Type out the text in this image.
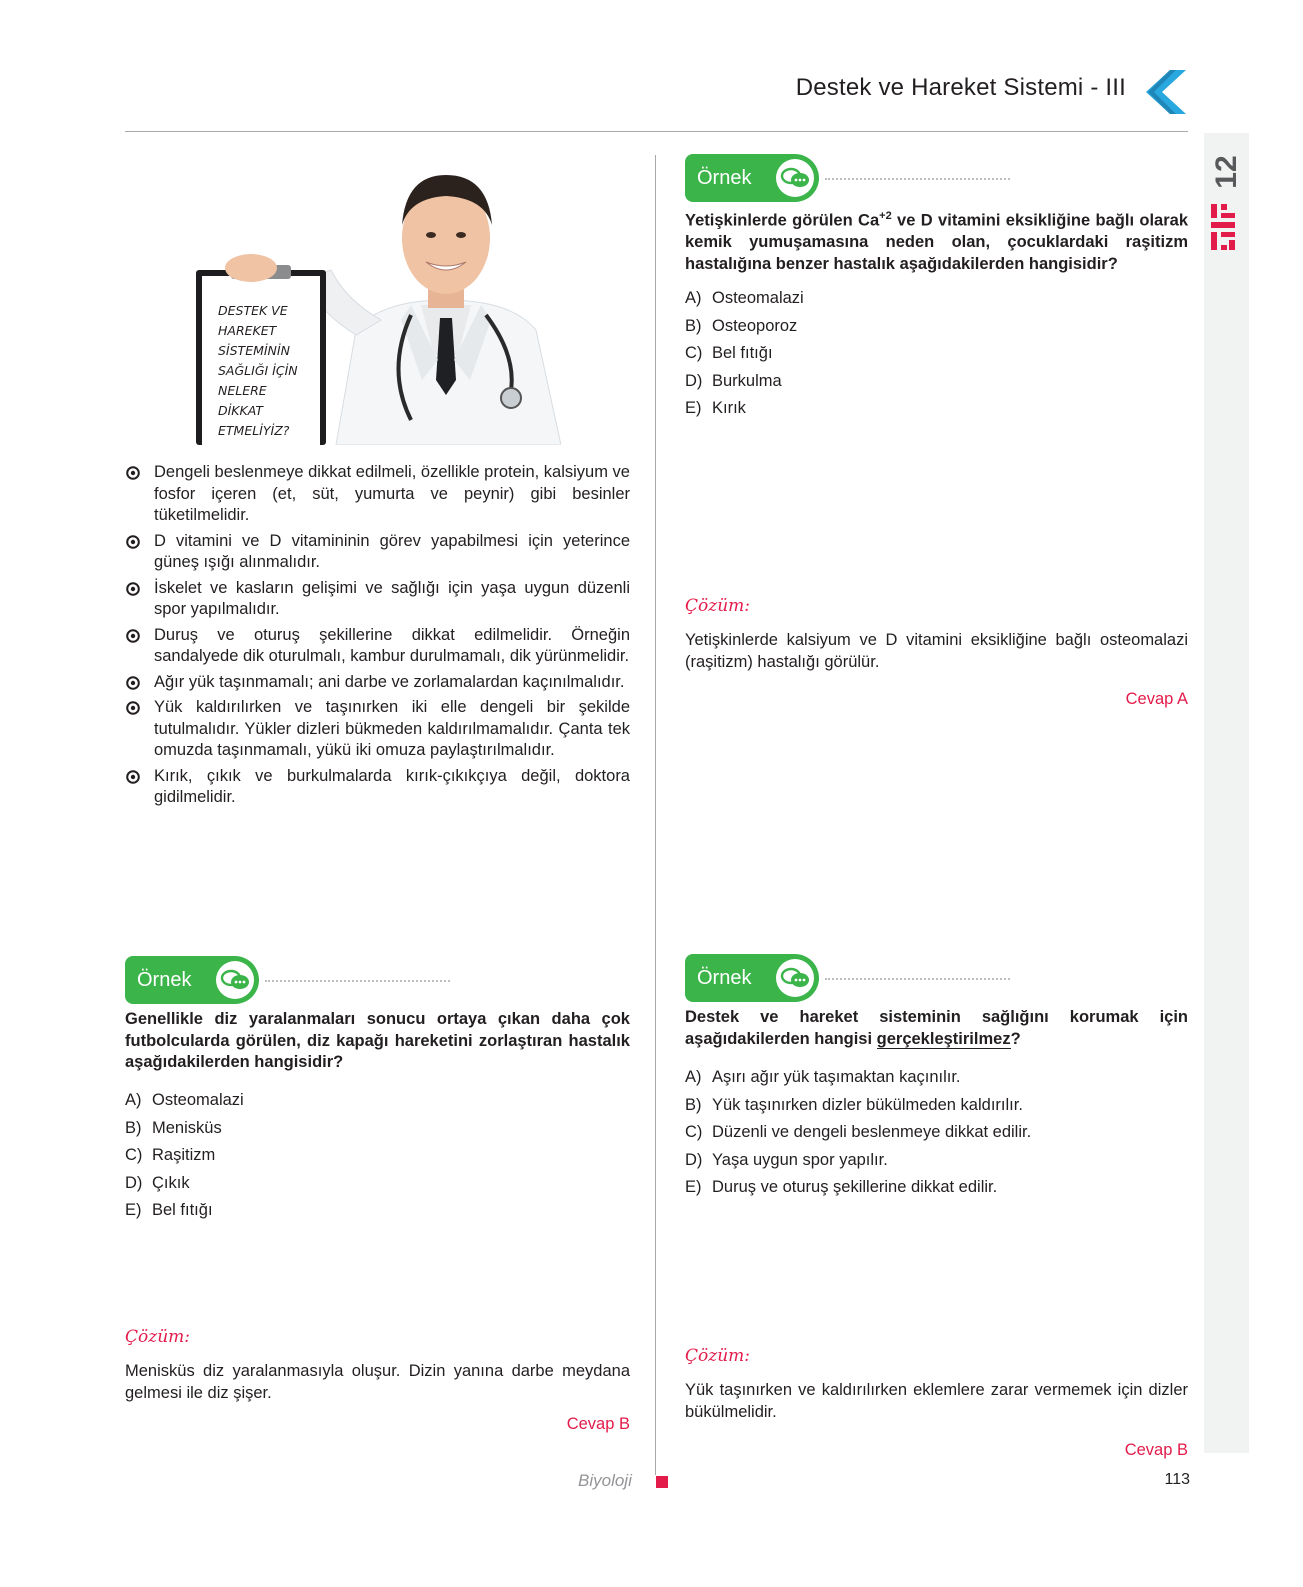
Destek ve Hareket Sistemi - III
12
DESTEK VE
HAREKET
SİSTEMİNİN
SAĞLIĞI İÇİN
NELERE
DİKKAT
ETMELİYİZ?
Dengeli beslenmeye dikkat edilmeli, özellikle protein, kalsiyum ve fosfor içeren (et, süt, yumurta ve peynir) gibi besinler tüketilmelidir.
D vitamini ve D vitamininin görev yapabilmesi için yeterince güneş ışığı alınmalıdır.
İskelet ve kasların gelişimi ve sağlığı için yaşa uygun düzenli spor yapılmalıdır.
Duruş ve oturuş şekillerine dikkat edilmelidir. Örneğin sandalyede dik oturulmalı, kambur durulmamalı, dik yürünmelidir.
Ağır yük taşınmamalı; ani darbe ve zorlamalardan kaçınılmalıdır.
Yük kaldırılırken ve taşınırken iki elle dengeli bir şekilde tutulmalıdır. Yükler dizleri bükmeden kaldırılmamalıdır. Çanta tek omuzda taşınmamalı, yükü iki omuza paylaştırılmalıdır.
Kırık, çıkık ve burkulmalarda kırık-çıkıkçıya değil, doktora gidilmelidir.
Örnek
Yetişkinlerde görülen $Ca^{+2}$ ve D vitamini eksikliğine bağlı olarak kemik yumuşamasına neden olan, çocuklardaki raşitizm hastalığına benzer hastalık aşağıdakilerden hangisidir?
A) Osteomalazi
B) Osteoporoz
C) Bel fıtığı
D) Burkulma
E) Kırık
Çözüm:
Yetişkinlerde kalsiyum ve D vitamini eksikliğine bağlı osteomalazi (raşitizm) hastalığı görülür.
Cevap A
Örnek
Genellikle diz yaralanmaları sonucu ortaya çıkan daha çok futbolcularda görülen, diz kapağı hareketini zorlaştıran hastalık aşağıdakilerden hangisidir?
A) Osteomalazi
B) Menisküs
C) Raşitizm
D) Çıkık
E) Bel fıtığı
Çözüm:
Menisküs diz yaralanmasıyla oluşur. Dizin yanına darbe meydana gelmesi ile diz şişer.
Cevap B
Örnek
Destek ve hareket sisteminin sağlığını korumak için aşağıdakilerden hangisi gerçekleştirilmez?
A) Aşırı ağır yük taşımaktan kaçınılır.
B) Yük taşınırken dizler bükülmeden kaldırılır.
C) Düzenli ve dengeli beslenmeye dikkat edilir.
D) Yaşa uygun spor yapılır.
E) Duruş ve oturuş şekillerine dikkat edilir.
Çözüm:
Yük taşınırken ve kaldırılırken eklemlere zarar vermemek için dizler bükülmelidir.
Cevap B
Biyoloji	113
